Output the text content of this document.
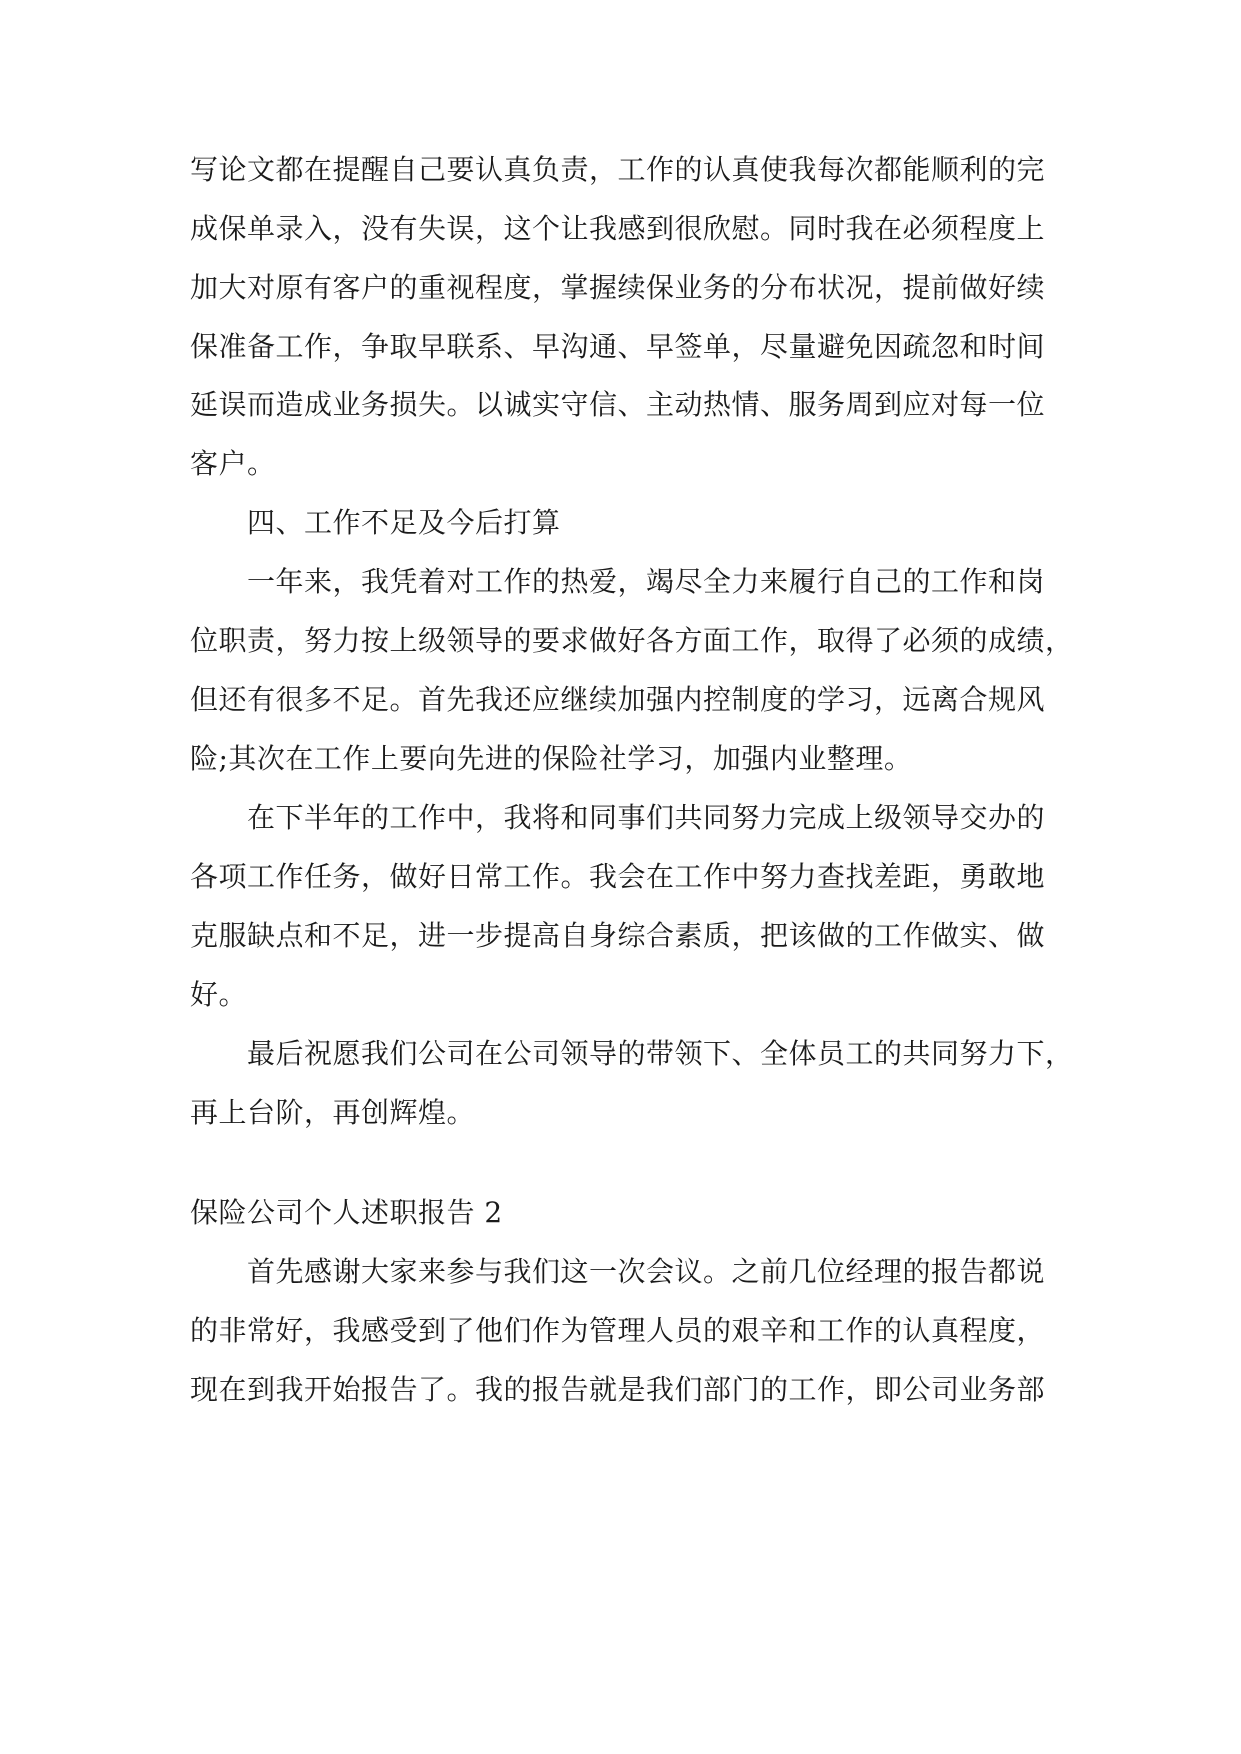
写论文都在提醒自己要认真负责，工作的认真使我每次都能顺利的完
成保单录入，没有失误，这个让我感到很欣慰。同时我在必须程度上
加大对原有客户的重视程度，掌握续保业务的分布状况，提前做好续
保准备工作，争取早联系、早沟通、早签单，尽量避免因疏忽和时间
延误而造成业务损失。以诚实守信、主动热情、服务周到应对每一位
客户。
四、工作不足及今后打算
一年来，我凭着对工作的热爱，竭尽全力来履行自己的工作和岗
位职责，努力按上级领导的要求做好各方面工作，取得了必须的成绩，
但还有很多不足。首先我还应继续加强内控制度的学习，远离合规风
险;其次在工作上要向先进的保险社学习，加强内业整理。
在下半年的工作中，我将和同事们共同努力完成上级领导交办的
各项工作任务，做好日常工作。我会在工作中努力查找差距，勇敢地
克服缺点和不足，进一步提高自身综合素质，把该做的工作做实、做
好。
最后祝愿我们公司在公司领导的带领下、全体员工的共同努力下，
再上台阶，再创辉煌。
保险公司个人述职报告 2
首先感谢大家来参与我们这一次会议。之前几位经理的报告都说
的非常好，我感受到了他们作为管理人员的艰辛和工作的认真程度，
现在到我开始报告了。我的报告就是我们部门的工作，即公司业务部
